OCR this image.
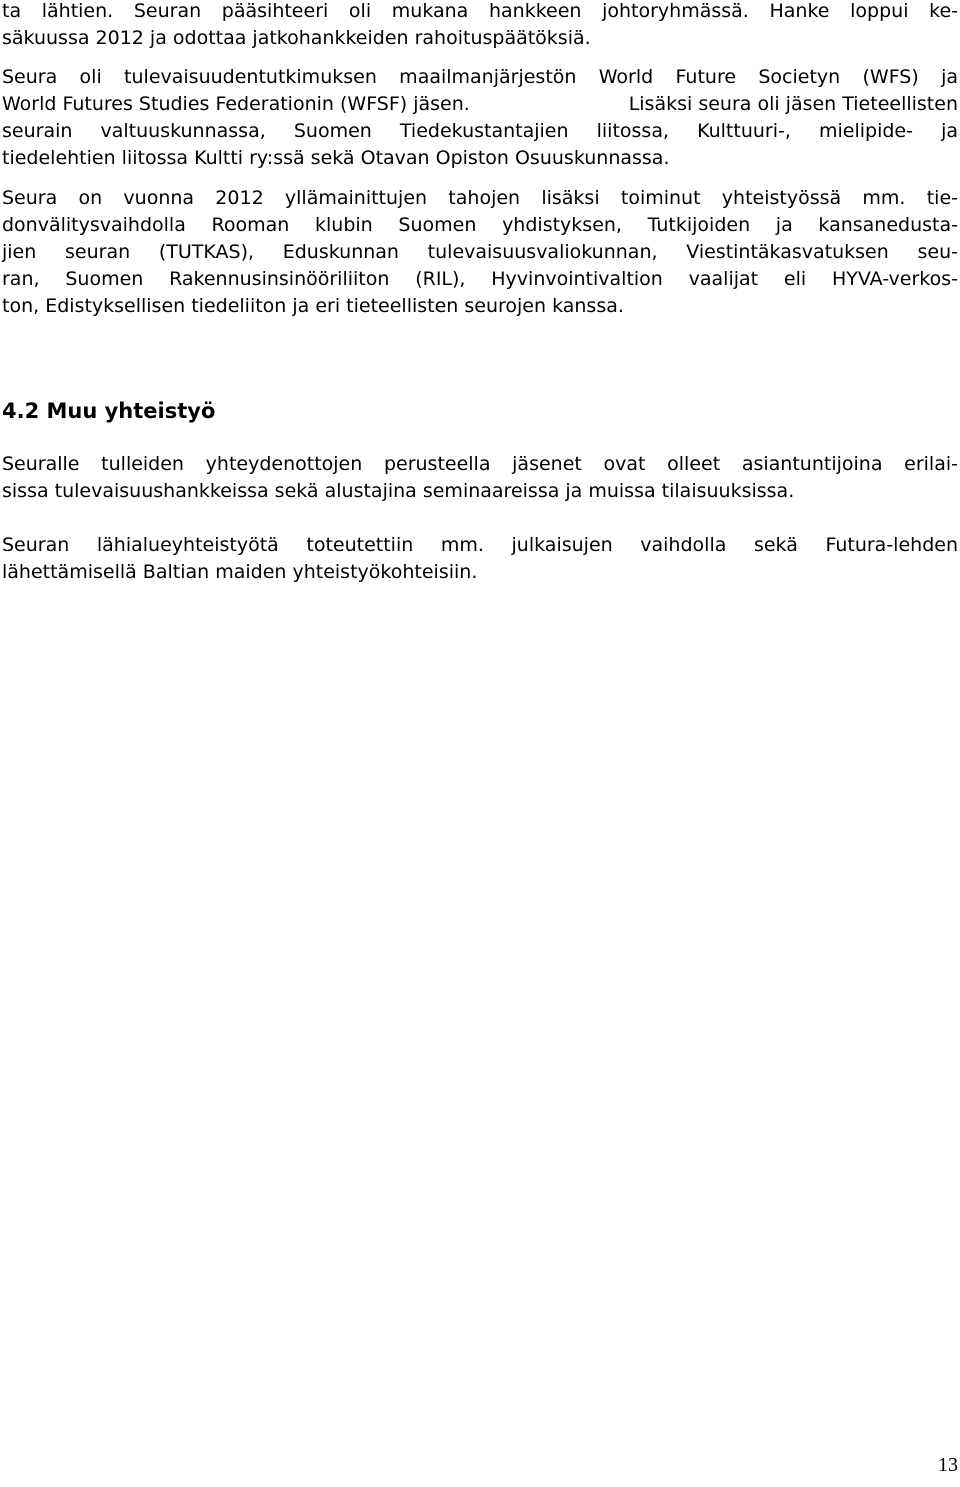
ta lähtien. Seuran pääsihteeri oli mukana hankkeen johtoryhmässä. Hanke loppui ke-
säkuussa 2012 ja odottaa jatkohankkeiden rahoituspäätöksiä.
Seura oli tulevaisuudentutkimuksen maailmanjärjestön World Future Societyn (WFS) ja
World Futures Studies Federationin (WFSF) jäsen.	Lisäksi seura oli jäsen Tieteellisten
seurain valtuuskunnassa, Suomen Tiedekustantajien liitossa, Kulttuuri-, mielipide- ja
tiedelehtien liitossa Kultti ry:ssä sekä Otavan Opiston Osuuskunnassa.
Seura on vuonna 2012 yllämainittujen tahojen lisäksi toiminut yhteistyössä mm. tie-
donvälitysvaihdolla Rooman klubin Suomen yhdistyksen, Tutkijoiden ja kansanedusta-
jien seuran (TUTKAS), Eduskunnan tulevaisuusvaliokunnan, Viestintäkasvatuksen seu-
ran, Suomen Rakennusinsinööriliiton (RIL), Hyvinvointivaltion vaalijat eli HYVA-verkos-
ton, Edistyksellisen tiedeliiton ja eri tieteellisten seurojen kanssa.
4.2 Muu yhteistyö
Seuralle tulleiden yhteydenottojen perusteella jäsenet ovat olleet asiantuntijoina erilai-
sissa tulevaisuushankkeissa sekä alustajina seminaareissa ja muissa tilaisuuksissa.
Seuran lähialueyhteistyötä toteutettiin mm. julkaisujen vaihdolla sekä Futura-lehden
lähettämisellä Baltian maiden yhteistyökohteisiin.
13
